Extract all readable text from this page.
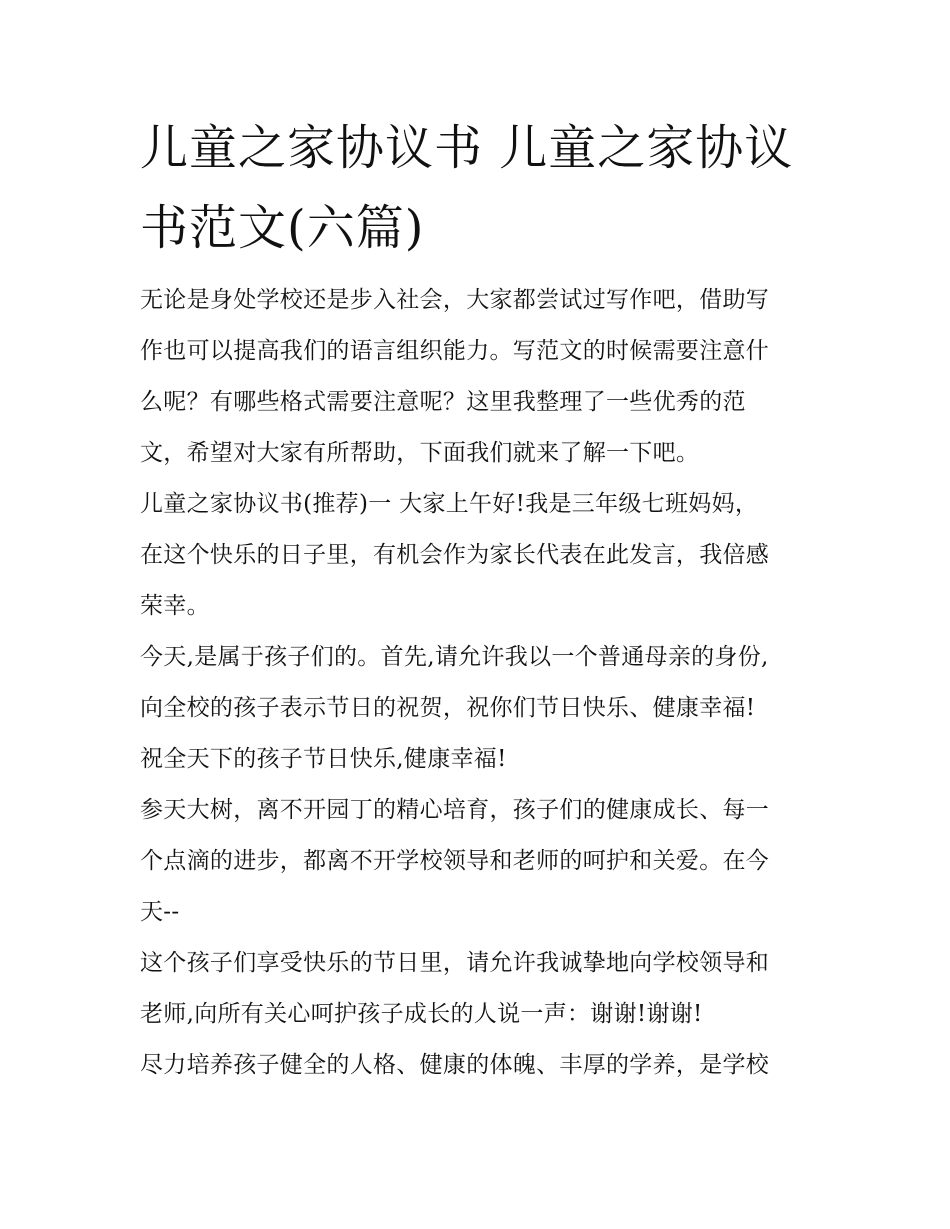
儿童之家协议书 儿童之家协议
书范文(六篇)
无论是身处学校还是步入社会，大家都尝试过写作吧，借助写
作也可以提高我们的语言组织能力。写范文的时候需要注意什
么呢？有哪些格式需要注意呢？这里我整理了一些优秀的范
文，希望对大家有所帮助，下面我们就来了解一下吧。
儿童之家协议书(推荐)一 大家上午好!我是三年级七班妈妈，
在这个快乐的日子里，有机会作为家长代表在此发言，我倍感
荣幸。
今天,是属于孩子们的。首先,请允许我以一个普通母亲的身份,
向全校的孩子表示节日的祝贺，祝你们节日快乐、健康幸福!
祝全天下的孩子节日快乐,健康幸福!
参天大树，离不开园丁的精心培育，孩子们的健康成长、每一
个点滴的进步，都离不开学校领导和老师的呵护和关爱。在今
天--
这个孩子们享受快乐的节日里，请允许我诚挚地向学校领导和
老师,向所有关心呵护孩子成长的人说一声：谢谢!谢谢!
尽力培养孩子健全的人格、健康的体魄、丰厚的学养，是学校
